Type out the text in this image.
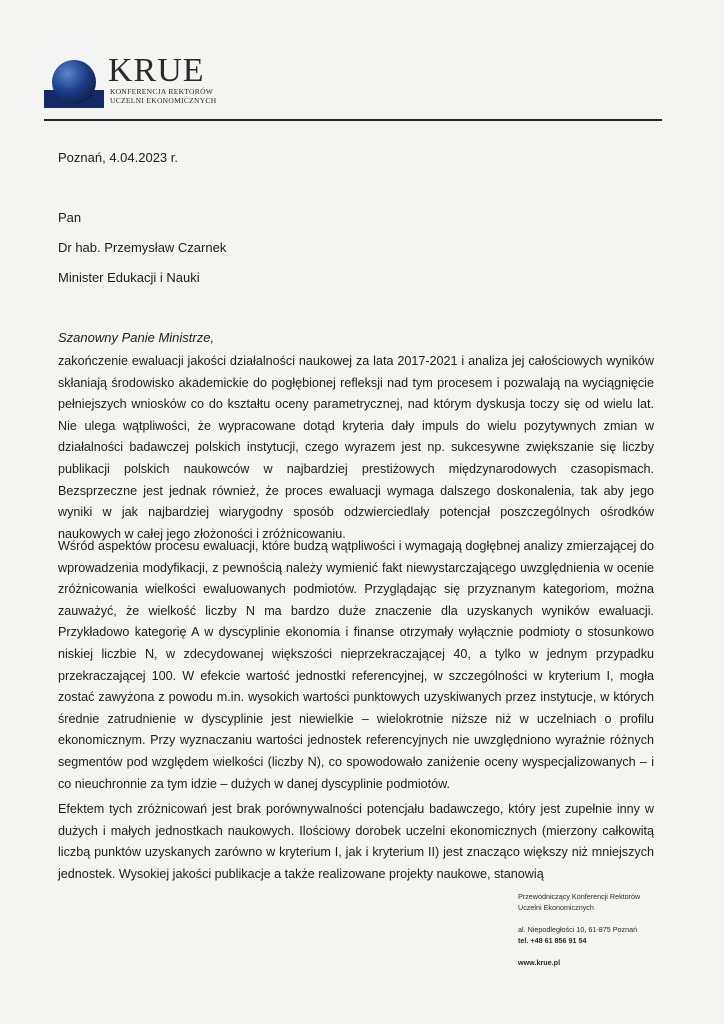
KRUE
KONFERENCJA REKTORÓW
UCZELNI EKONOMICZNYCH
Poznań, 4.04.2023 r.
Pan
Dr hab. Przemysław Czarnek
Minister Edukacji i Nauki
Szanowny Panie Ministrze,
zakończenie ewaluacji jakości działalności naukowej za lata 2017-2021 i analiza jej całościowych wyników skłaniają środowisko akademickie do pogłębionej refleksji nad tym procesem i pozwalają na wyciągnięcie pełniejszych wniosków co do kształtu oceny parametrycznej, nad którym dyskusja toczy się od wielu lat. Nie ulega wątpliwości, że wypracowane dotąd kryteria dały impuls do wielu pozytywnych zmian w działalności badawczej polskich instytucji, czego wyrazem jest np. sukcesywne zwiększanie się liczby publikacji polskich naukowców w najbardziej prestiżowych międzynarodowych czasopismach. Bezsprzeczne jest jednak również, że proces ewaluacji wymaga dalszego doskonalenia, tak aby jego wyniki w jak najbardziej wiarygodny sposób odzwierciedlały potencjał poszczególnych ośrodków naukowych w całej jego złożoności i zróżnicowaniu.
Wśród aspektów procesu ewaluacji, które budzą wątpliwości i wymagają dogłębnej analizy zmierzającej do wprowadzenia modyfikacji, z pewnością należy wymienić fakt niewystarczającego uwzględnienia w ocenie zróżnicowania wielkości ewaluowanych podmiotów. Przyglądając się przyznanym kategoriom, można zauważyć, że wielkość liczby N ma bardzo duże znaczenie dla uzyskanych wyników ewaluacji. Przykładowo kategorię A w dyscyplinie ekonomia i finanse otrzymały wyłącznie podmioty o stosunkowo niskiej liczbie N, w zdecydowanej większości nieprzekraczającej 40, a tylko w jednym przypadku przekraczającej 100. W efekcie wartość jednostki referencyjnej, w szczególności w kryterium I, mogła zostać zawyżona z powodu m.in. wysokich wartości punktowych uzyskiwanych przez instytucje, w których średnie zatrudnienie w dyscyplinie jest niewielkie – wielokrotnie niższe niż w uczelniach o profilu ekonomicznym. Przy wyznaczaniu wartości jednostek referencyjnych nie uwzględniono wyraźnie różnych segmentów pod względem wielkości (liczby N), co spowodowało zaniżenie oceny wyspecjalizowanych – i co nieuchronnie za tym idzie – dużych w danej dyscyplinie podmiotów.
Efektem tych zróżnicowań jest brak porównywalności potencjału badawczego, który jest zupełnie inny w dużych i małych jednostkach naukowych. Ilościowy dorobek uczelni ekonomicznych (mierzony całkowitą liczbą punktów uzyskanych zarówno w kryterium I, jak i kryterium II) jest znacząco większy niż mniejszych jednostek. Wysokiej jakości publikacje a także realizowane projekty naukowe, stanowią
Przewodniczący Konferencji Rektorów
Uczelni Ekonomicznych
al. Niepodległości 10, 61-875 Poznań
tel. +48 61 856 91 54
www.krue.pl
